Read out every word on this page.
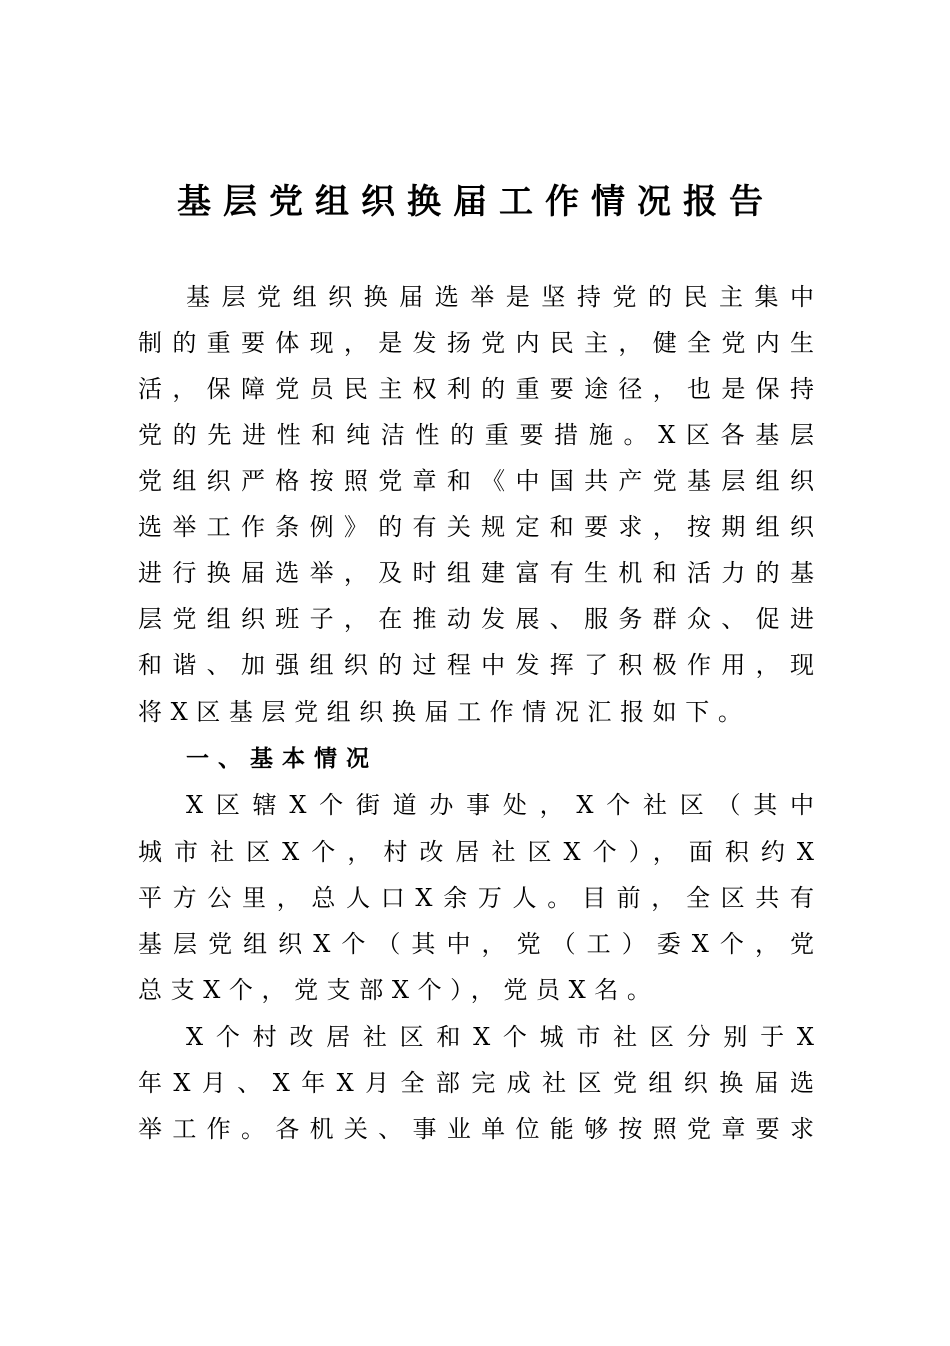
基层党组织换届工作情况报告
基层党组织换届选举是坚持党的民主集中
制的重要体现，是发扬党内民主，健全党内生
活，保障党员民主权利的重要途径，也是保持
党的先进性和纯洁性的重要措施。X区各基层
党组织严格按照党章和《中国共产党基层组织
选举工作条例》的有关规定和要求，按期组织
进行换届选举，及时组建富有生机和活力的基
层党组织班子，在推动发展、服务群众、促进
和谐、加强组织的过程中发挥了积极作用，现
将X区基层党组织换届工作情况汇报如下。
一、基本情况
X区辖X个街道办事处，X个社区（其中
城市社区X个，村改居社区X个），面积约X
平方公里，总人口X余万人。目前，全区共有
基层党组织X个（其中，党（工）委X个，党
总支X个，党支部X个），党员X名。
X个村改居社区和X个城市社区分别于X
年X月、X年X月全部完成社区党组织换届选
举工作。各机关、事业单位能够按照党章要求
